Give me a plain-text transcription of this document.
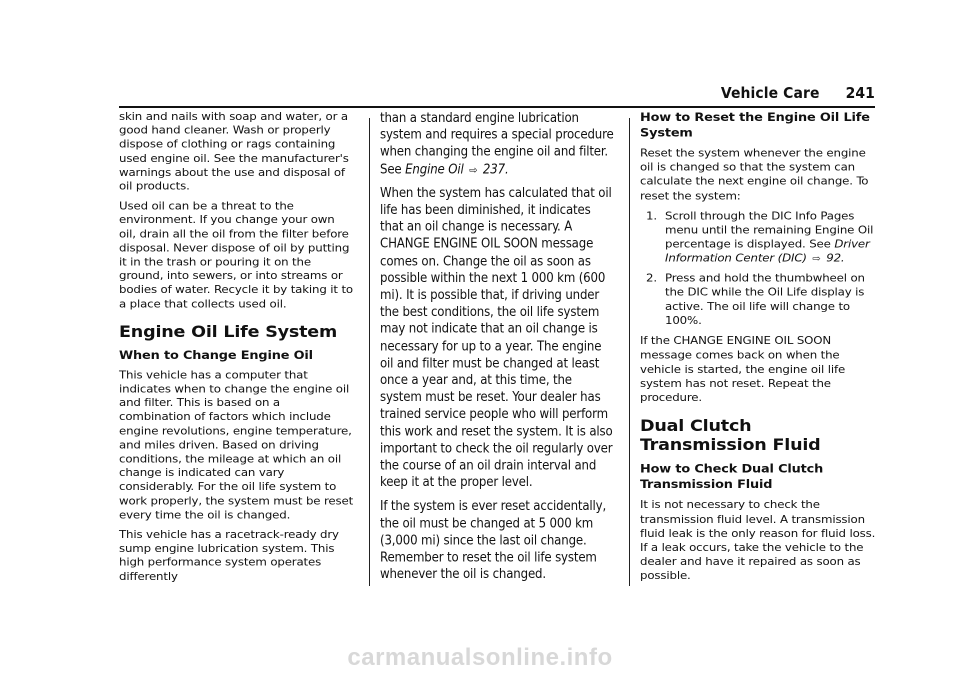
Vehicle Care 241

skin and nails with soap and water, or a good hand cleaner. Wash or properly dispose of clothing or rags containing used engine oil. See the manufacturer's warnings about the use and disposal of oil products.

Used oil can be a threat to the environment. If you change your own oil, drain all the oil from the filter before disposal. Never dispose of oil by putting it in the trash or pouring it on the ground, into sewers, or into streams or bodies of water. Recycle it by taking it to a place that collects used oil.

Engine Oil Life System
When to Change Engine Oil

This vehicle has a computer that indicates when to change the engine oil and filter. This is based on a combination of factors which include engine revolutions, engine temperature, and miles driven. Based on driving conditions, the mileage at which an oil change is indicated can vary considerably. For the oil life system to work properly, the system must be reset every time the oil is changed.

This vehicle has a racetrack-ready dry sump engine lubrication system. This high performance system operates differently

than a standard engine lubrication system and requires a special procedure when changing the engine oil and filter. See Engine Oil ⇨ 237.

When the system has calculated that oil life has been diminished, it indicates that an oil change is necessary. A CHANGE ENGINE OIL SOON message comes on. Change the oil as soon as possible within the next 1 000 km (600 mi). It is possible that, if driving under the best conditions, the oil life system may not indicate that an oil change is necessary for up to a year. The engine oil and filter must be changed at least once a year and, at this time, the system must be reset. Your dealer has trained service people who will perform this work and reset the system. It is also important to check the oil regularly over the course of an oil drain interval and keep it at the proper level.

If the system is ever reset accidentally, the oil must be changed at 5 000 km (3,000 mi) since the last oil change. Remember to reset the oil life system whenever the oil is changed.

How to Reset the Engine Oil Life System

Reset the system whenever the engine oil is changed so that the system can calculate the next engine oil change. To reset the system:

1. Scroll through the DIC Info Pages menu until the remaining Engine Oil percentage is displayed. See Driver Information Center (DIC) ⇨ 92.
2. Press and hold the thumbwheel on the DIC while the Oil Life display is active. The oil life will change to 100%.

If the CHANGE ENGINE OIL SOON message comes back on when the vehicle is started, the engine oil life system has not reset. Repeat the procedure.

Dual Clutch Transmission Fluid
How to Check Dual Clutch Transmission Fluid

It is not necessary to check the transmission fluid level. A transmission fluid leak is the only reason for fluid loss. If a leak occurs, take the vehicle to the dealer and have it repaired as soon as possible.

carmanualsonline.info
